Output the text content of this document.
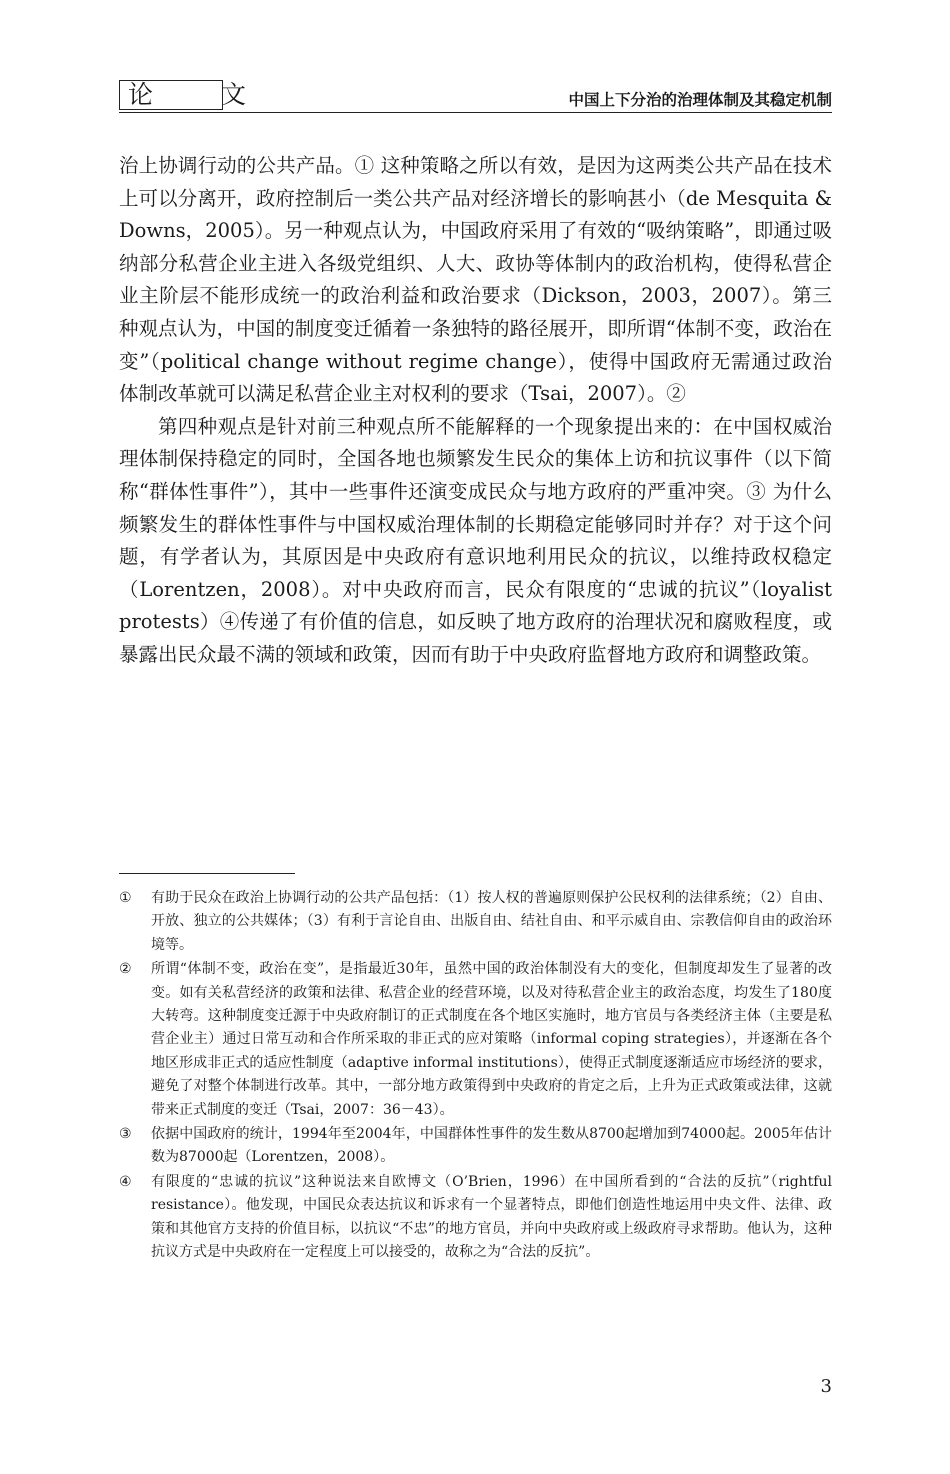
论 文	中国上下分治的治理体制及其稳定机制

治上协调行动的公共产品。① 这种策略之所以有效，是因为这两类公共产品在技术上可以分离开，政府控制后一类公共产品对经济增长的影响甚小（de Mesquita & Downs，2005）。另一种观点认为，中国政府采用了有效的“吸纳策略”，即通过吸纳部分私营企业主进入各级党组织、人大、政协等体制内的政治机构，使得私营企业主阶层不能形成统一的政治利益和政治要求（Dickson，2003，2007）。第三种观点认为，中国的制度变迁循着一条独特的路径展开，即所谓“体制不变，政治在变”（political change without regime change），使得中国政府无需通过政治体制改革就可以满足私营企业主对权利的要求（Tsai，2007）。②

第四种观点是针对前三种观点所不能解释的一个现象提出来的：在中国权威治理体制保持稳定的同时，全国各地也频繁发生民众的集体上访和抗议事件（以下简称“群体性事件”），其中一些事件还演变成民众与地方政府的严重冲突。③ 为什么频繁发生的群体性事件与中国权威治理体制的长期稳定能够同时并存？对于这个问题，有学者认为，其原因是中央政府有意识地利用民众的抗议，以维持政权稳定（Lorentzen，2008）。对中央政府而言，民众有限度的“忠诚的抗议”（loyalist protests）④传递了有价值的信息，如反映了地方政府的治理状况和腐败程度，或暴露出民众最不满的领域和政策，因而有助于中央政府监督地方政府和调整政策。

①	有助于民众在政治上协调行动的公共产品包括：（1）按人权的普遍原则保护公民权利的法律系统；（2）自由、开放、独立的公共媒体；（3）有利于言论自由、出版自由、结社自由、和平示威自由、宗教信仰自由的政治环境等。
②	所谓“体制不变，政治在变”，是指最近30年，虽然中国的政治体制没有大的变化，但制度却发生了显著的改变。如有关私营经济的政策和法律、私营企业的经营环境，以及对待私营企业主的政治态度，均发生了180度大转弯。这种制度变迁源于中央政府制订的正式制度在各个地区实施时，地方官员与各类经济主体（主要是私营企业主）通过日常互动和合作所采取的非正式的应对策略（informal coping strategies），并逐渐在各个地区形成非正式的适应性制度（adaptive informal institutions），使得正式制度逐渐适应市场经济的要求，避免了对整个体制进行改革。其中，一部分地方政策得到中央政府的肯定之后，上升为正式政策或法律，这就带来正式制度的变迁（Tsai，2007：36－43）。
③	依据中国政府的统计，1994年至2004年，中国群体性事件的发生数从8700起增加到74000起。2005年估计数为87000起（Lorentzen，2008）。
④	有限度的“忠诚的抗议”这种说法来自欧博文（O’Brien，1996）在中国所看到的“合法的反抗”（rightful resistance）。他发现，中国民众表达抗议和诉求有一个显著特点，即他们创造性地运用中央文件、法律、政策和其他官方支持的价值目标，以抗议“不忠”的地方官员，并向中央政府或上级政府寻求帮助。他认为，这种抗议方式是中央政府在一定程度上可以接受的，故称之为“合法的反抗”。
3
